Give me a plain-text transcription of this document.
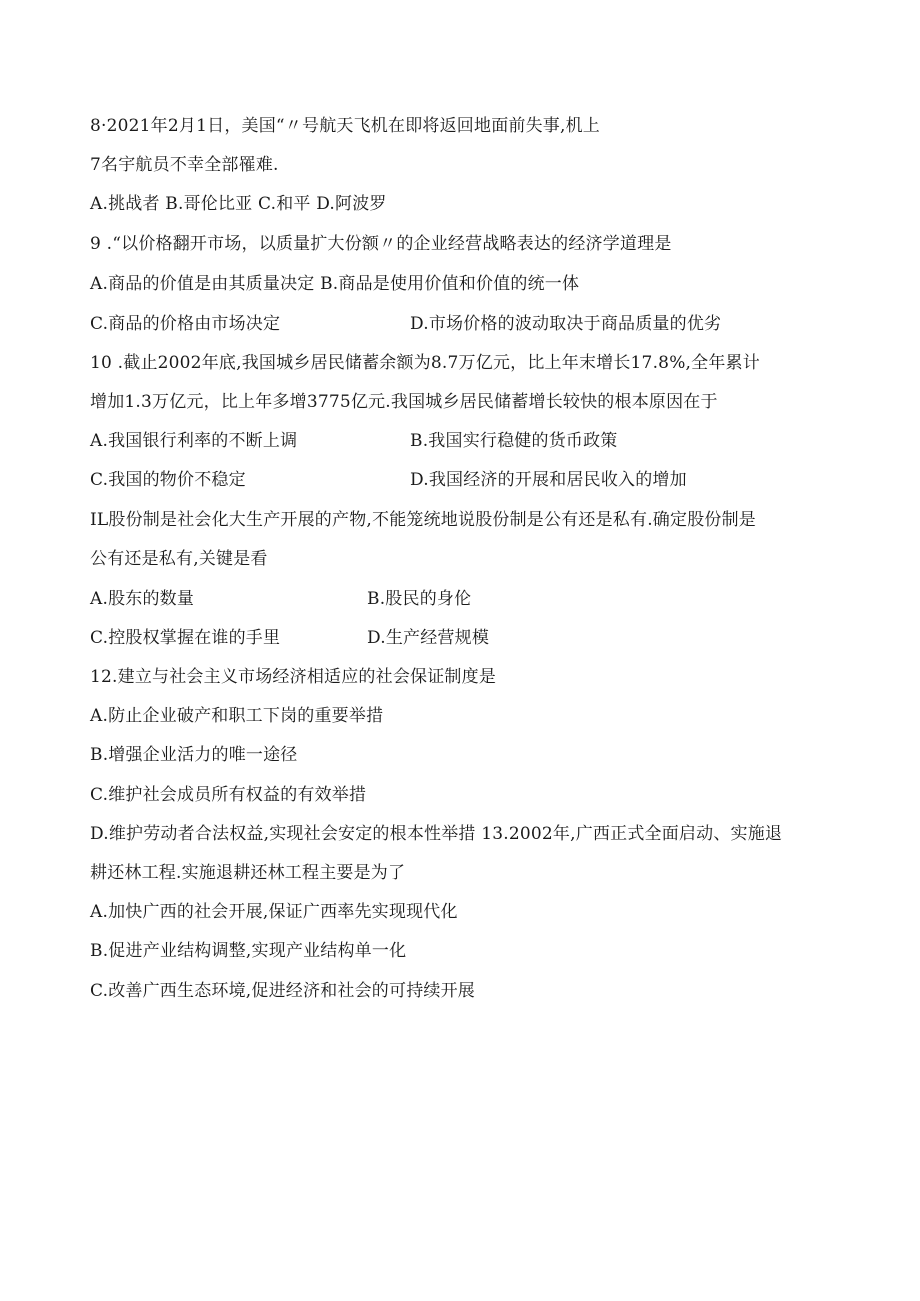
8·2021年2月1日，美国“〃号航天飞机在即将返回地面前失事,机上
7名宇航员不幸全部罹难.
A.挑战者 B.哥伦比亚 C.和平 D.阿波罗
9 .“以价格翻开市场，以质量扩大份额〃的企业经营战略表达的经济学道理是
A.商品的价值是由其质量决定 B.商品是使用价值和价值的统一体
C.商品的价格由市场决定	D.市场价格的波动取决于商品质量的优劣
10 .截止2002年底,我国城乡居民储蓄余额为8.7万亿元，比上年末增长17.8%,全年累计
增加1.3万亿元，比上年多增3775亿元.我国城乡居民储蓄增长较快的根本原因在于
A.我国银行利率的不断上调	B.我国实行稳健的货币政策
C.我国的物价不稳定	D.我国经济的开展和居民收入的增加
IL股份制是社会化大生产开展的产物,不能笼统地说股份制是公有还是私有.确定股份制是
公有还是私有,关键是看
A.股东的数量	B.股民的身伦
C.控股权掌握在谁的手里	D.生产经营规模
12.建立与社会主义市场经济相适应的社会保证制度是
A.防止企业破产和职工下岗的重要举措
B.增强企业活力的唯一途径
C.维护社会成员所有权益的有效举措
D.维护劳动者合法权益,实现社会安定的根本性举措 13.2002年,广西正式全面启动、实施退
耕还林工程.实施退耕还林工程主要是为了
A.加快广西的社会开展,保证广西率先实现现代化
B.促进产业结构调整,实现产业结构单一化
C.改善广西生态环境,促进经济和社会的可持续开展
